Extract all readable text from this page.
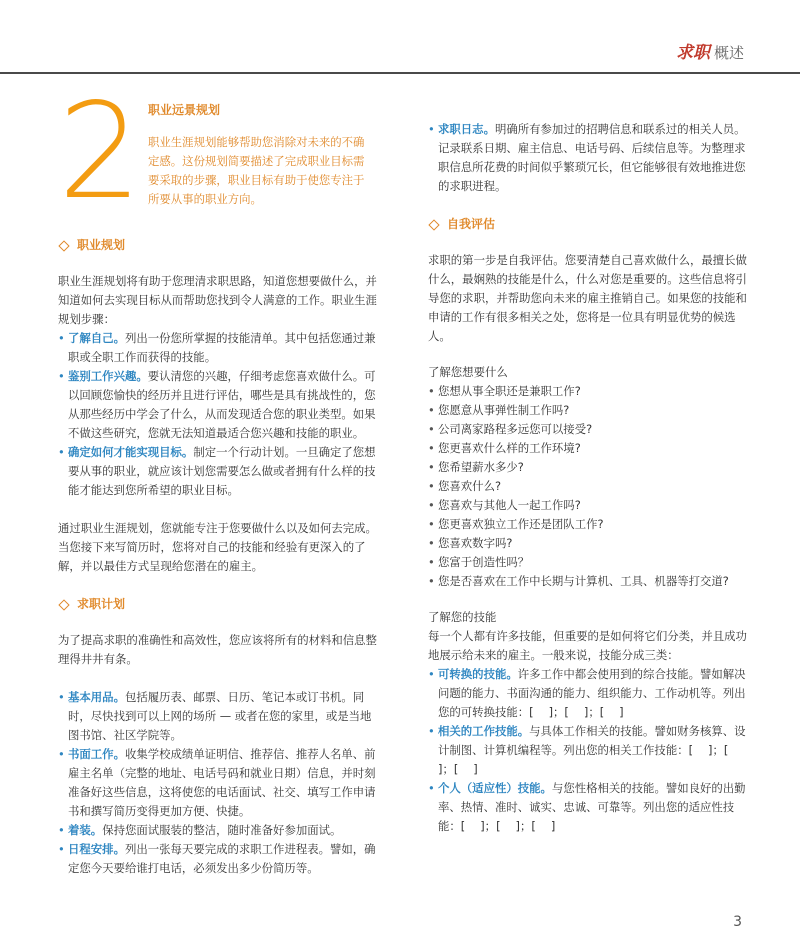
求职 概述
2 职业远景规划
职业生涯规划能够帮助您消除对未来的不确定感。这份规划简要描述了完成职业目标需要采取的步骤，职业目标有助于使您专注于所要从事的职业方向。
职业规划

职业生涯规划将有助于您理清求职思路，知道您想要做什么，并知道如何去实现目标从而帮助您找到令人满意的工作。职业生涯规划步骤：

• 了解自己。列出一份您所掌握的技能清单。其中包括您通过兼职或全职工作而获得的技能。
• 鉴别工作兴趣。要认清您的兴趣，仔细考虑您喜欢做什么。可以回顾您愉快的经历并且进行评估，哪些是具有挑战性的，您从那些经历中学会了什么，从而发现适合您的职业类型。如果不做这些研究，您就无法知道最适合您兴趣和技能的职业。
• 确定如何才能实现目标。制定一个行动计划。一旦确定了您想要从事的职业，就应该计划您需要怎么做或者拥有什么样的技能才能达到您所希望的职业目标。

通过职业生涯规划，您就能专注于您要做什么以及如何去完成。当您接下来写简历时，您将对自己的技能和经验有更深入的了解，并以最佳方式呈现给您潜在的雇主。

求职计划

为了提高求职的准确性和高效性，您应该将所有的材料和信息整理得井井有条。

• 基本用品。包括履历表、邮票、日历、笔记本或订书机。同时，尽快找到可以上网的场所 — 或者在您的家里，或是当地图书馆、社区学院等。
• 书面工作。收集学校成绩单证明信、推荐信、推荐人名单、前雇主名单（完整的地址、电话号码和就业日期）信息，并时刻准备好这些信息，这将使您的电话面试、社交、填写工作申请书和撰写简历变得更加方便、快捷。
• 着装。保持您面试服装的整洁，随时准备好参加面试。
• 日程安排。列出一张每天要完成的求职工作进程表。譬如，确定您今天要给谁打电话，必须发出多少份简历等。
• 求职日志。明确所有参加过的招聘信息和联系过的相关人员。记录联系日期、雇主信息、电话号码、后续信息等。为整理求职信息所花费的时间似乎繁琐冗长，但它能够很有效地推进您的求职进程。
自我评估

求职的第一步是自我评估。您要清楚自己喜欢做什么，最擅长做什么，最娴熟的技能是什么，什么对您是重要的。这些信息将引导您的求职，并帮助您向未来的雇主推销自己。如果您的技能和申请的工作有很多相关之处，您将是一位具有明显优势的候选人。

了解您想要什么

• 您想从事全职还是兼职工作?
• 您愿意从事弹性制工作吗?
• 公司离家路程多远您可以接受?
• 您更喜欢什么样的工作环境?
• 您希望薪水多少?
• 您喜欢什么?
• 您喜欢与其他人一起工作吗?
• 您更喜欢独立工作还是团队工作?
• 您喜欢数字吗?
• 您富于创造性吗？
• 您是否喜欢在工作中长期与计算机、工具、机器等打交道?

了解您的技能

每一个人都有许多技能，但重要的是如何将它们分类，并且成功地展示给未来的雇主。一般来说，技能分成三类：

• 可转换的技能。许多工作中都会使用到的综合技能。譬如解决问题的能力、书面沟通的能力、组织能力、工作动机等。列出您的可转换技能：[　 ]；[　 ]；[　 ]
• 相关的工作技能。与具体工作相关的技能。譬如财务核算、设计制图、计算机编程等。列出您的相关工作技能：[　 ]；[　 ]；[　 ]
• 个人（适应性）技能。与您性格相关的技能。譬如良好的出勤率、热情、准时、诚实、忠诚、可靠等。列出您的适应性技能：[　 ]；[　 ]；[　 ]
3
